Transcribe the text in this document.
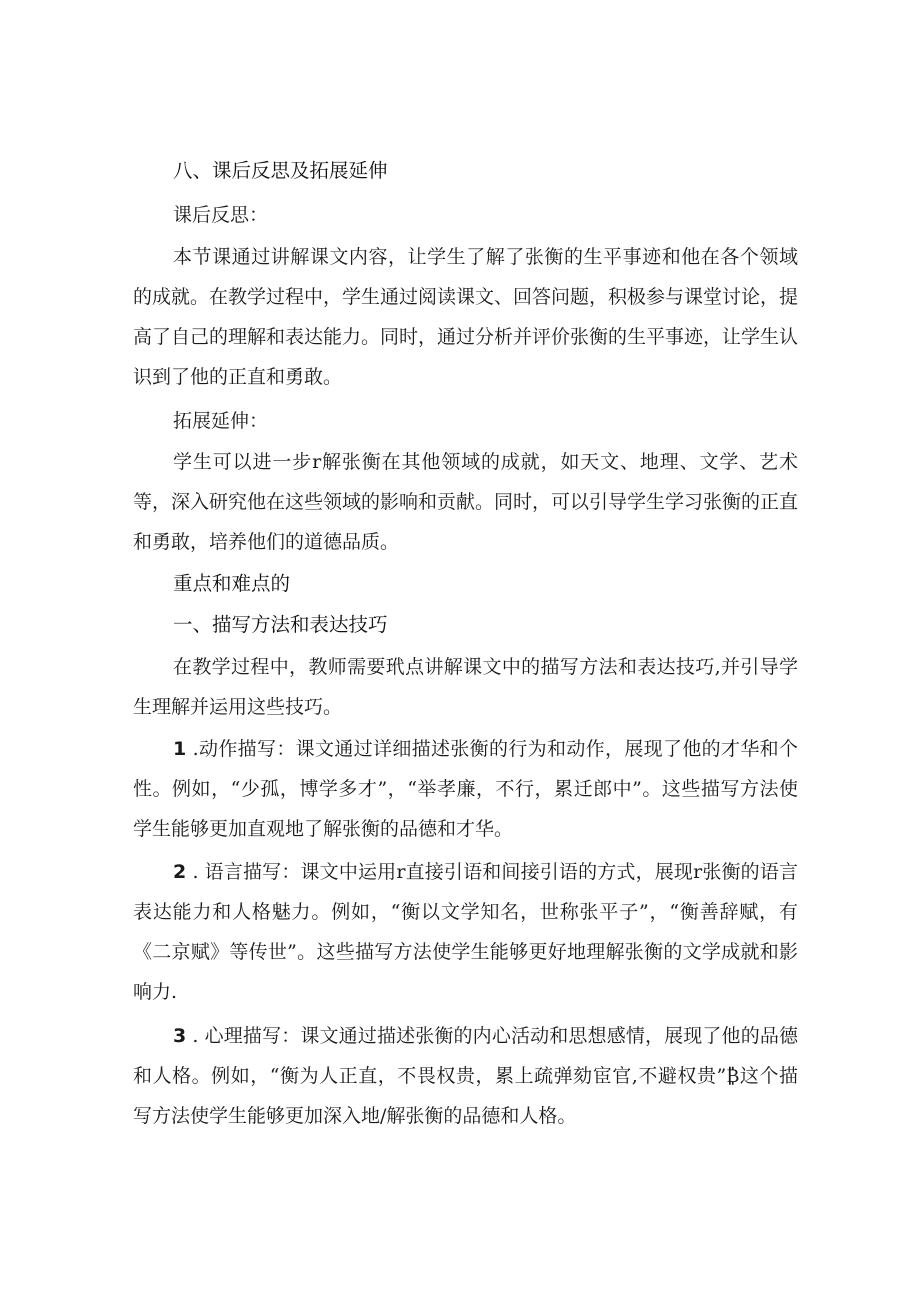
八、课后反思及拓展延伸

课后反思：

本节课通过讲解课文内容，让学生了解了张衡的生平事迹和他在各个领域的成就。在教学过程中，学生通过阅读课文、回答问题，积极参与课堂讨论，提高了自己的理解和表达能力。同时，通过分析并评价张衡的生平事迹，让学生认识到了他的正直和勇敢。

拓展延伸：

学生可以进一步r解张衡在其他领域的成就，如天文、地理、文学、艺术等，深入研究他在这些领域的影响和贡献。同时，可以引导学生学习张衡的正直和勇敢，培养他们的道德品质。

重点和难点的

一、描写方法和表达技巧

在教学过程中，教师需要玳点讲解课文中的描写方法和表达技巧,并引导学生理解并运用这些技巧。

1 .动作描写：课文通过详细描述张衡的行为和动作，展现了他的才华和个性。例如，“少孤，博学多才”，“举孝廉，不行，累迁郎中”。这些描写方法使学生能够更加直观地了解张衡的品德和才华。

2 . 语言描写：课文中运用r直接引语和间接引语的方式，展现r张衡的语言表达能力和人格魅力。例如，“衡以文学知名，世称张平子”，“衡善辞赋，有《二京赋》等传世”。这些描写方法使学生能够更好地理解张衡的文学成就和影响力.

3 . 心理描写：课文通过描述张衡的内心活动和思想感情，展现了他的品德和人格。例如，“衡为人正直，不畏权贵，累上疏弹劾宦官,不避权贵”₿这个描写方法使学生能够更加深入地/解张衡的品德和人格。
